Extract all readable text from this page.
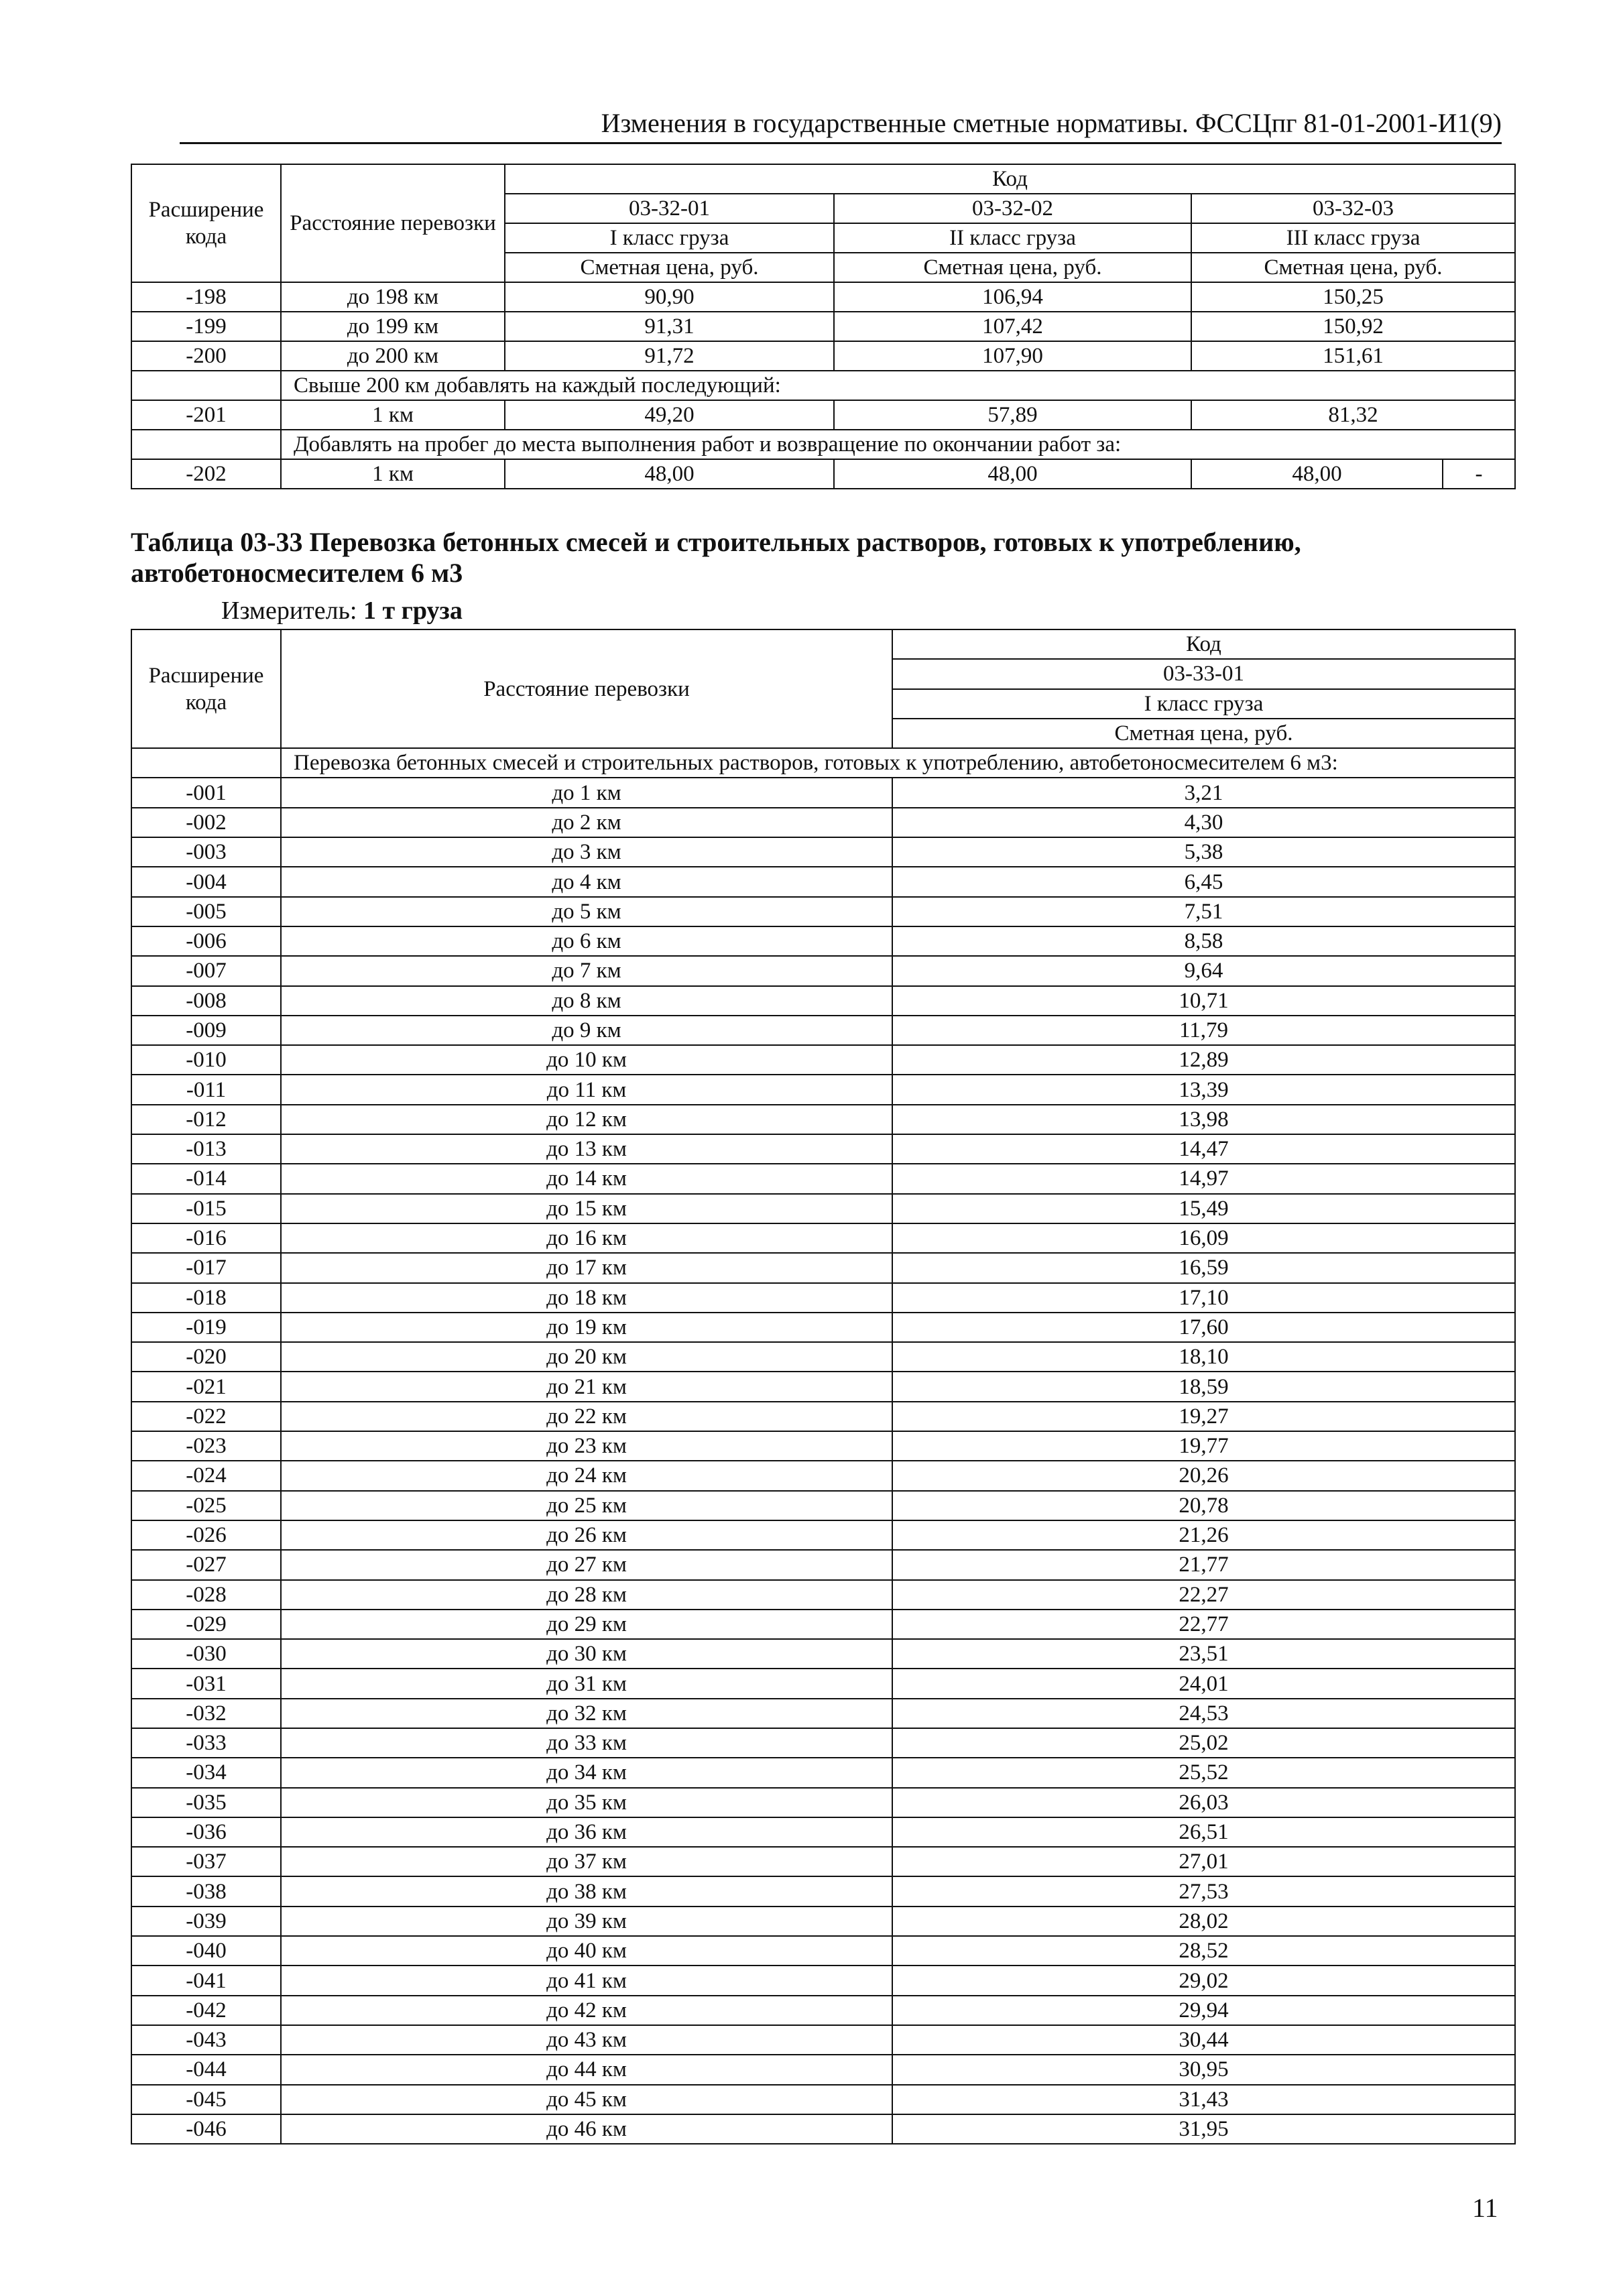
Изменения в государственные сметные нормативы. ФССЦпг 81-01-2001-И1(9)
Расширение кода	Расстояние перевозки	Код			
		03-32-01	03-32-02	03-32-03	
		I класс груза	II класс груза	III класс груза	
		Сметная цена, руб.	Сметная цена, руб.	Сметная цена, руб.	
-198	до 198 км	90,90	106,94	150,25	
-199	до 199 км	91,31	107,42	150,92	
-200	до 200 км	91,72	107,90	151,61	
	Свыше 200 км добавлять на каждый последующий:				
-201	1 км	49,20	57,89	81,32	
	Добавлять на пробег до места выполнения работ и возвращение по окончании работ за:				
-202	1 км	48,00	48,00	48,00	-
Таблица 03-33 Перевозка бетонных смесей и строительных растворов, готовых к употреблению, автобетоносмесителем 6 м3
Измеритель: 1 т груза
Расширение кода	Расстояние перевозки	Код
		03-33-01
		I класс груза
		Сметная цена, руб.
	Перевозка бетонных смесей и строительных растворов, готовых к употреблению, автобетоносмесителем 6 м3:	
-001	до 1 км	3,21
-002	до 2 км	4,30
-003	до 3 км	5,38
-004	до 4 км	6,45
-005	до 5 км	7,51
-006	до 6 км	8,58
-007	до 7 км	9,64
-008	до 8 км	10,71
-009	до 9 км	11,79
-010	до 10 км	12,89
-011	до 11 км	13,39
-012	до 12 км	13,98
-013	до 13 км	14,47
-014	до 14 км	14,97
-015	до 15 км	15,49
-016	до 16 км	16,09
-017	до 17 км	16,59
-018	до 18 км	17,10
-019	до 19 км	17,60
-020	до 20 км	18,10
-021	до 21 км	18,59
-022	до 22 км	19,27
-023	до 23 км	19,77
-024	до 24 км	20,26
-025	до 25 км	20,78
-026	до 26 км	21,26
-027	до 27 км	21,77
-028	до 28 км	22,27
-029	до 29 км	22,77
-030	до 30 км	23,51
-031	до 31 км	24,01
-032	до 32 км	24,53
-033	до 33 км	25,02
-034	до 34 км	25,52
-035	до 35 км	26,03
-036	до 36 км	26,51
-037	до 37 км	27,01
-038	до 38 км	27,53
-039	до 39 км	28,02
-040	до 40 км	28,52
-041	до 41 км	29,02
-042	до 42 км	29,94
-043	до 43 км	30,44
-044	до 44 км	30,95
-045	до 45 км	31,43
-046	до 46 км	31,95
11
